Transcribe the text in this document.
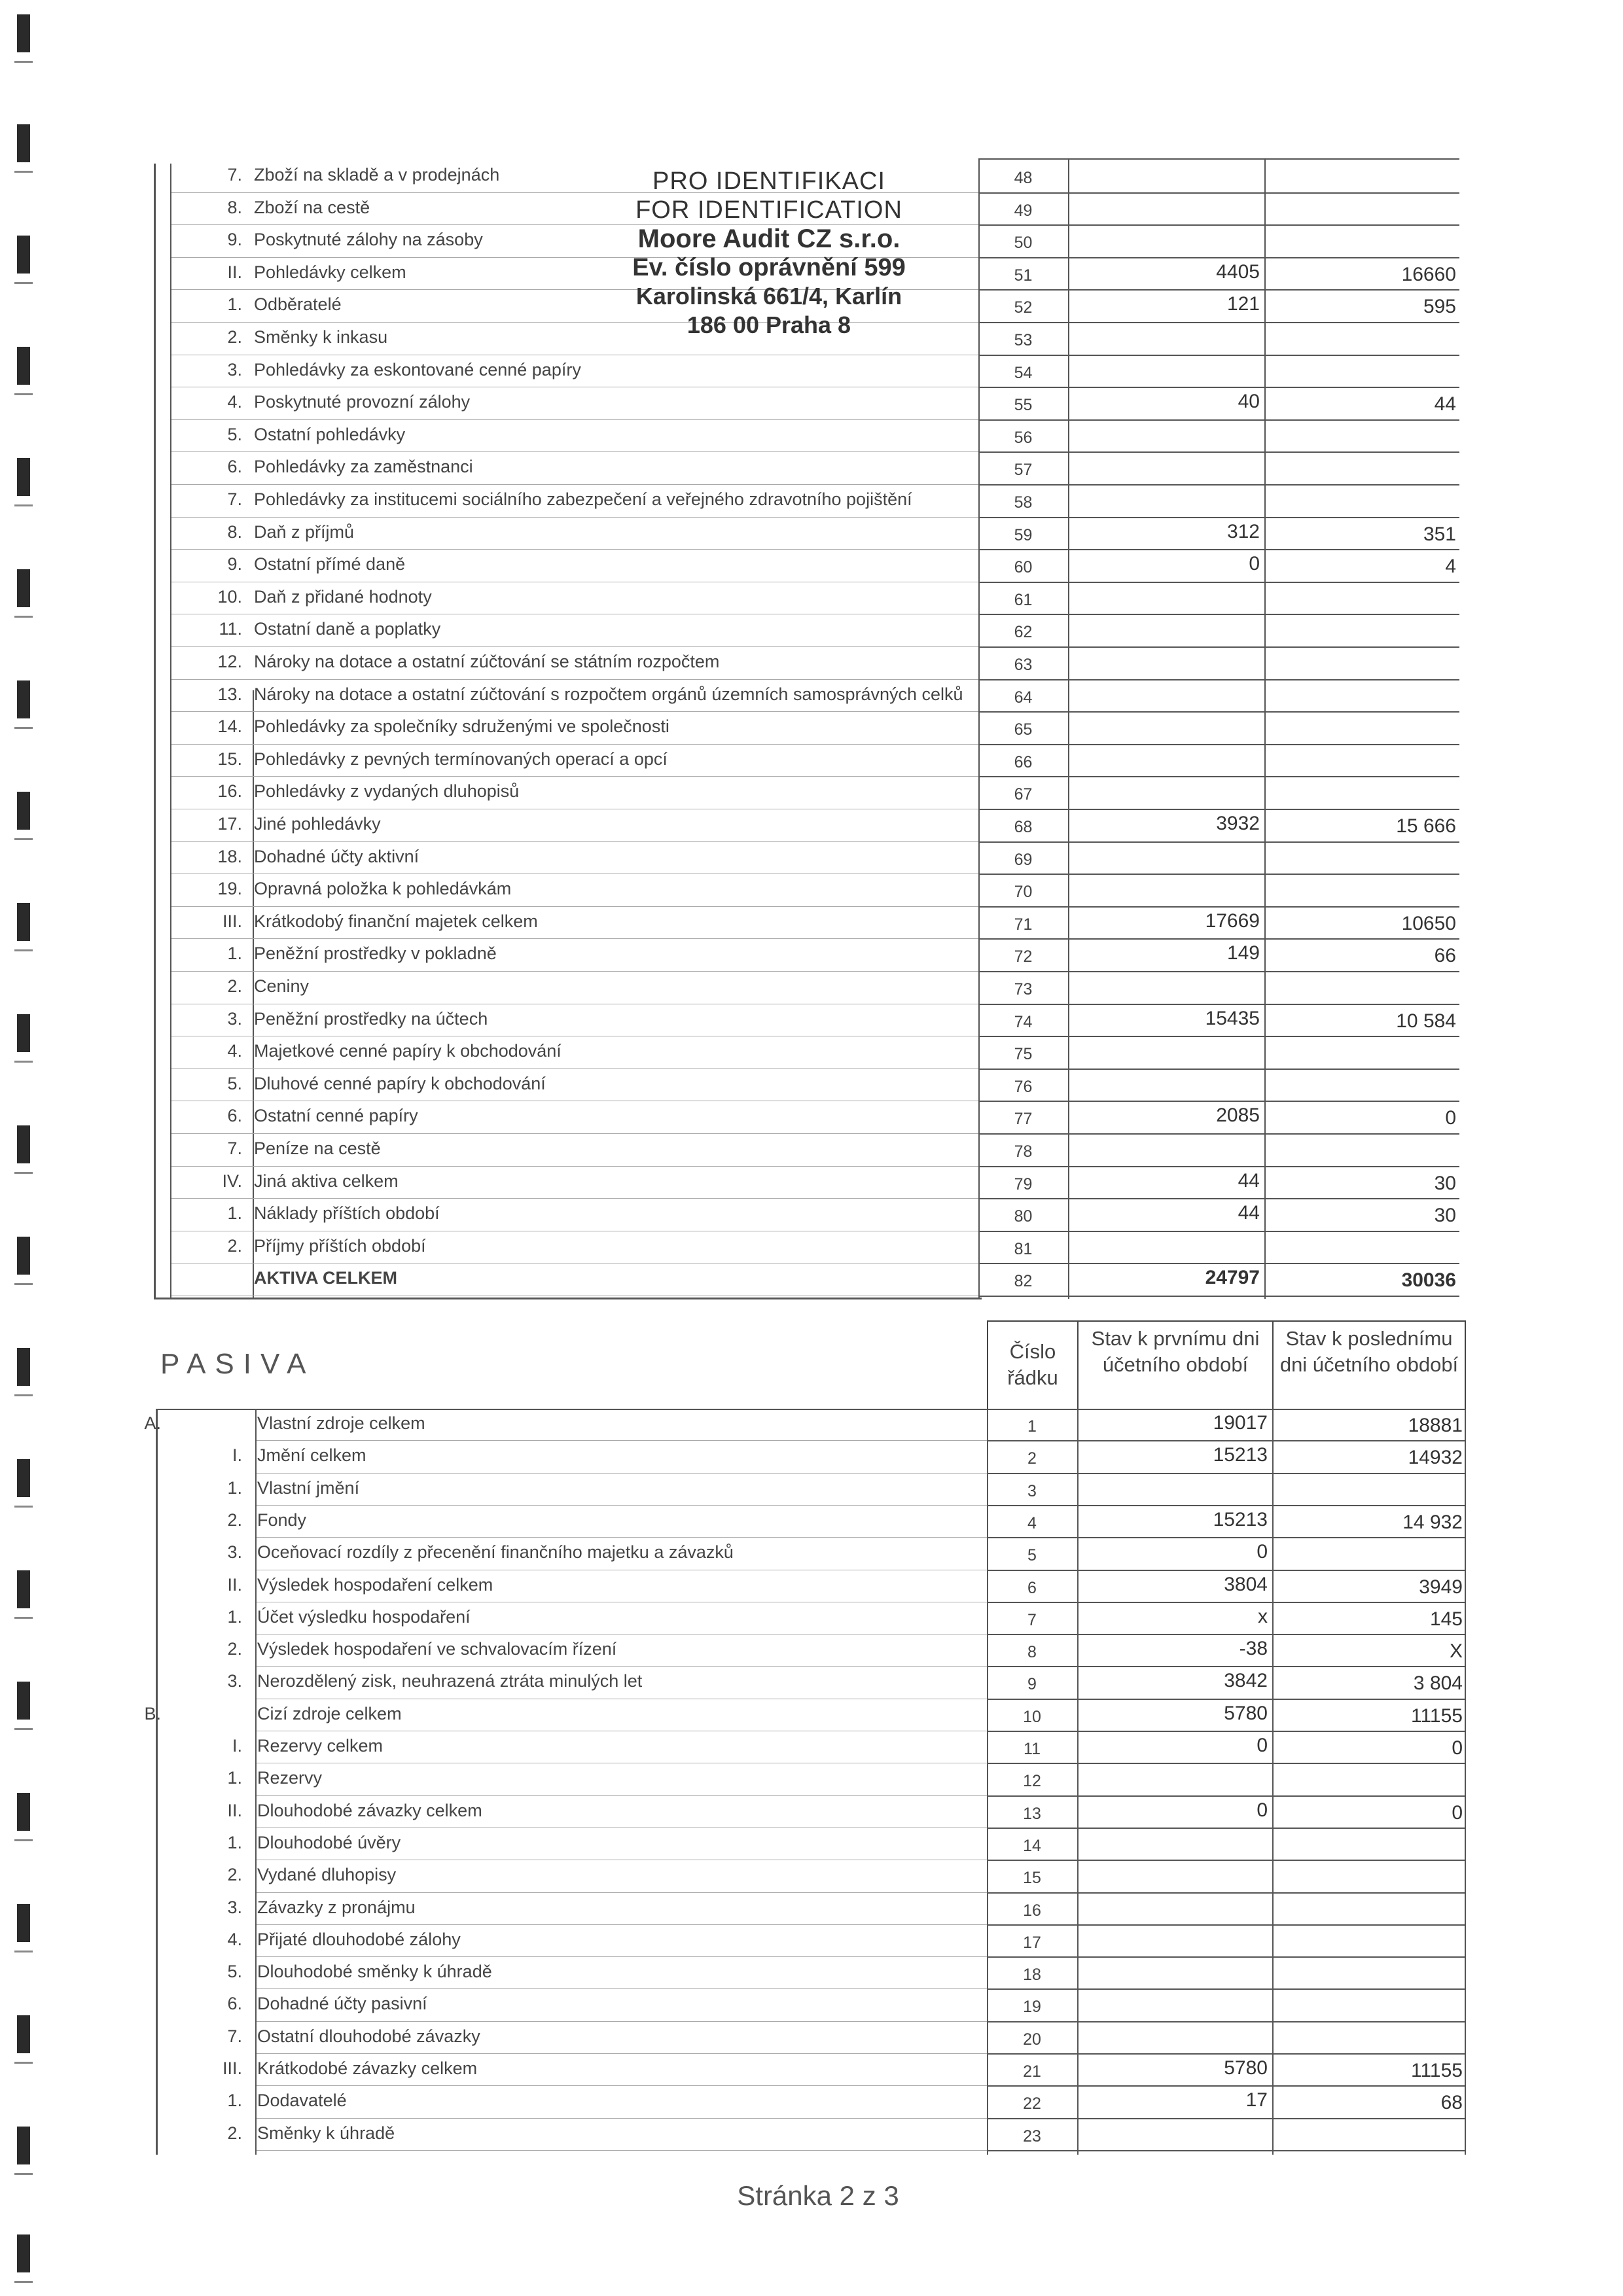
7. Zboží na skladě a v prodejnách	48
8. Zboží na cestě	49
9. Poskytnuté zálohy na zásoby	50
II. Pohledávky celkem	51	4405	16660
1. Odběratelé	52	121	595
2. Směnky k inkasu	53
3. Pohledávky za eskontované cenné papíry	54
4. Poskytnuté provozní zálohy	55	40	44
5. Ostatní pohledávky	56
6. Pohledávky za zaměstnanci	57
7. Pohledávky za institucemi sociálního zabezpečení a veřejného zdravotního pojištění	58
8. Daň z příjmů	59	312	351
9. Ostatní přímé daně	60	0	4
10. Daň z přidané hodnoty	61
11. Ostatní daně a poplatky	62
12. Nároky na dotace a ostatní zúčtování se státním rozpočtem	63
13. Nároky na dotace a ostatní zúčtování s rozpočtem orgánů územních samosprávných celků	64
14. Pohledávky za společníky sdruženými ve společnosti	65
15. Pohledávky z pevných termínovaných operací a opcí	66
16. Pohledávky z vydaných dluhopisů	67
17. Jiné pohledávky	68	3932	15 666
18. Dohadné účty aktivní	69
19. Opravná položka k pohledávkám	70
III. Krátkodobý finanční majetek celkem	71	17669	10650
1. Peněžní prostředky v pokladně	72	149	66
2. Ceniny	73
3. Peněžní prostředky na účtech	74	15435	10 584
4. Majetkové cenné papíry k obchodování	75
5. Dluhové cenné papíry k obchodování	76
6. Ostatní cenné papíry	77	2085	0
7. Peníze na cestě	78
IV. Jiná aktiva celkem	79	44	30
1. Náklady příštích období	80	44	30
2. Příjmy příštích období	81
AKTIVA CELKEM	82	24797	30036
PRO IDENTIFIKACI
FOR IDENTIFICATION
Moore Audit CZ s.r.o.
Ev. číslo oprávnění 599
Karolinská 661/4, Karlín
186 00 Praha 8
PASIVA	Číslo řádku
Stav k prvnímu dni účetního období
Stav k poslednímu dni účetního období
A.	Vlastní zdroje celkem	1	19017	18881
I. Jmění celkem	2	15213	14932
1. Vlastní jmění	3
2. Fondy	4	15213	14 932
3. Oceňovací rozdíly z přecenění finančního majetku a závazků	5	0
II. Výsledek hospodaření celkem	6	3804	3949
1. Účet výsledku hospodaření	7	x	145
2. Výsledek hospodaření ve schvalovacím řízení	8	-38	X
3. Nerozdělený zisk, neuhrazená ztráta minulých let	9	3842	3 804
B.	Cizí zdroje celkem	10	5780	11155
I. Rezervy celkem	11	0	0
1. Rezervy	12
II. Dlouhodobé závazky celkem	13	0	0
1. Dlouhodobé úvěry	14
2. Vydané dluhopisy	15
3. Závazky z pronájmu	16
4. Přijaté dlouhodobé zálohy	17
5. Dlouhodobé směnky k úhradě	18
6. Dohadné účty pasivní	19
7. Ostatní dlouhodobé závazky	20
III. Krátkodobé závazky celkem	21	5780	11155
1. Dodavatelé	22	17	68
2. Směnky k úhradě	23
Stránka 2 z 3
